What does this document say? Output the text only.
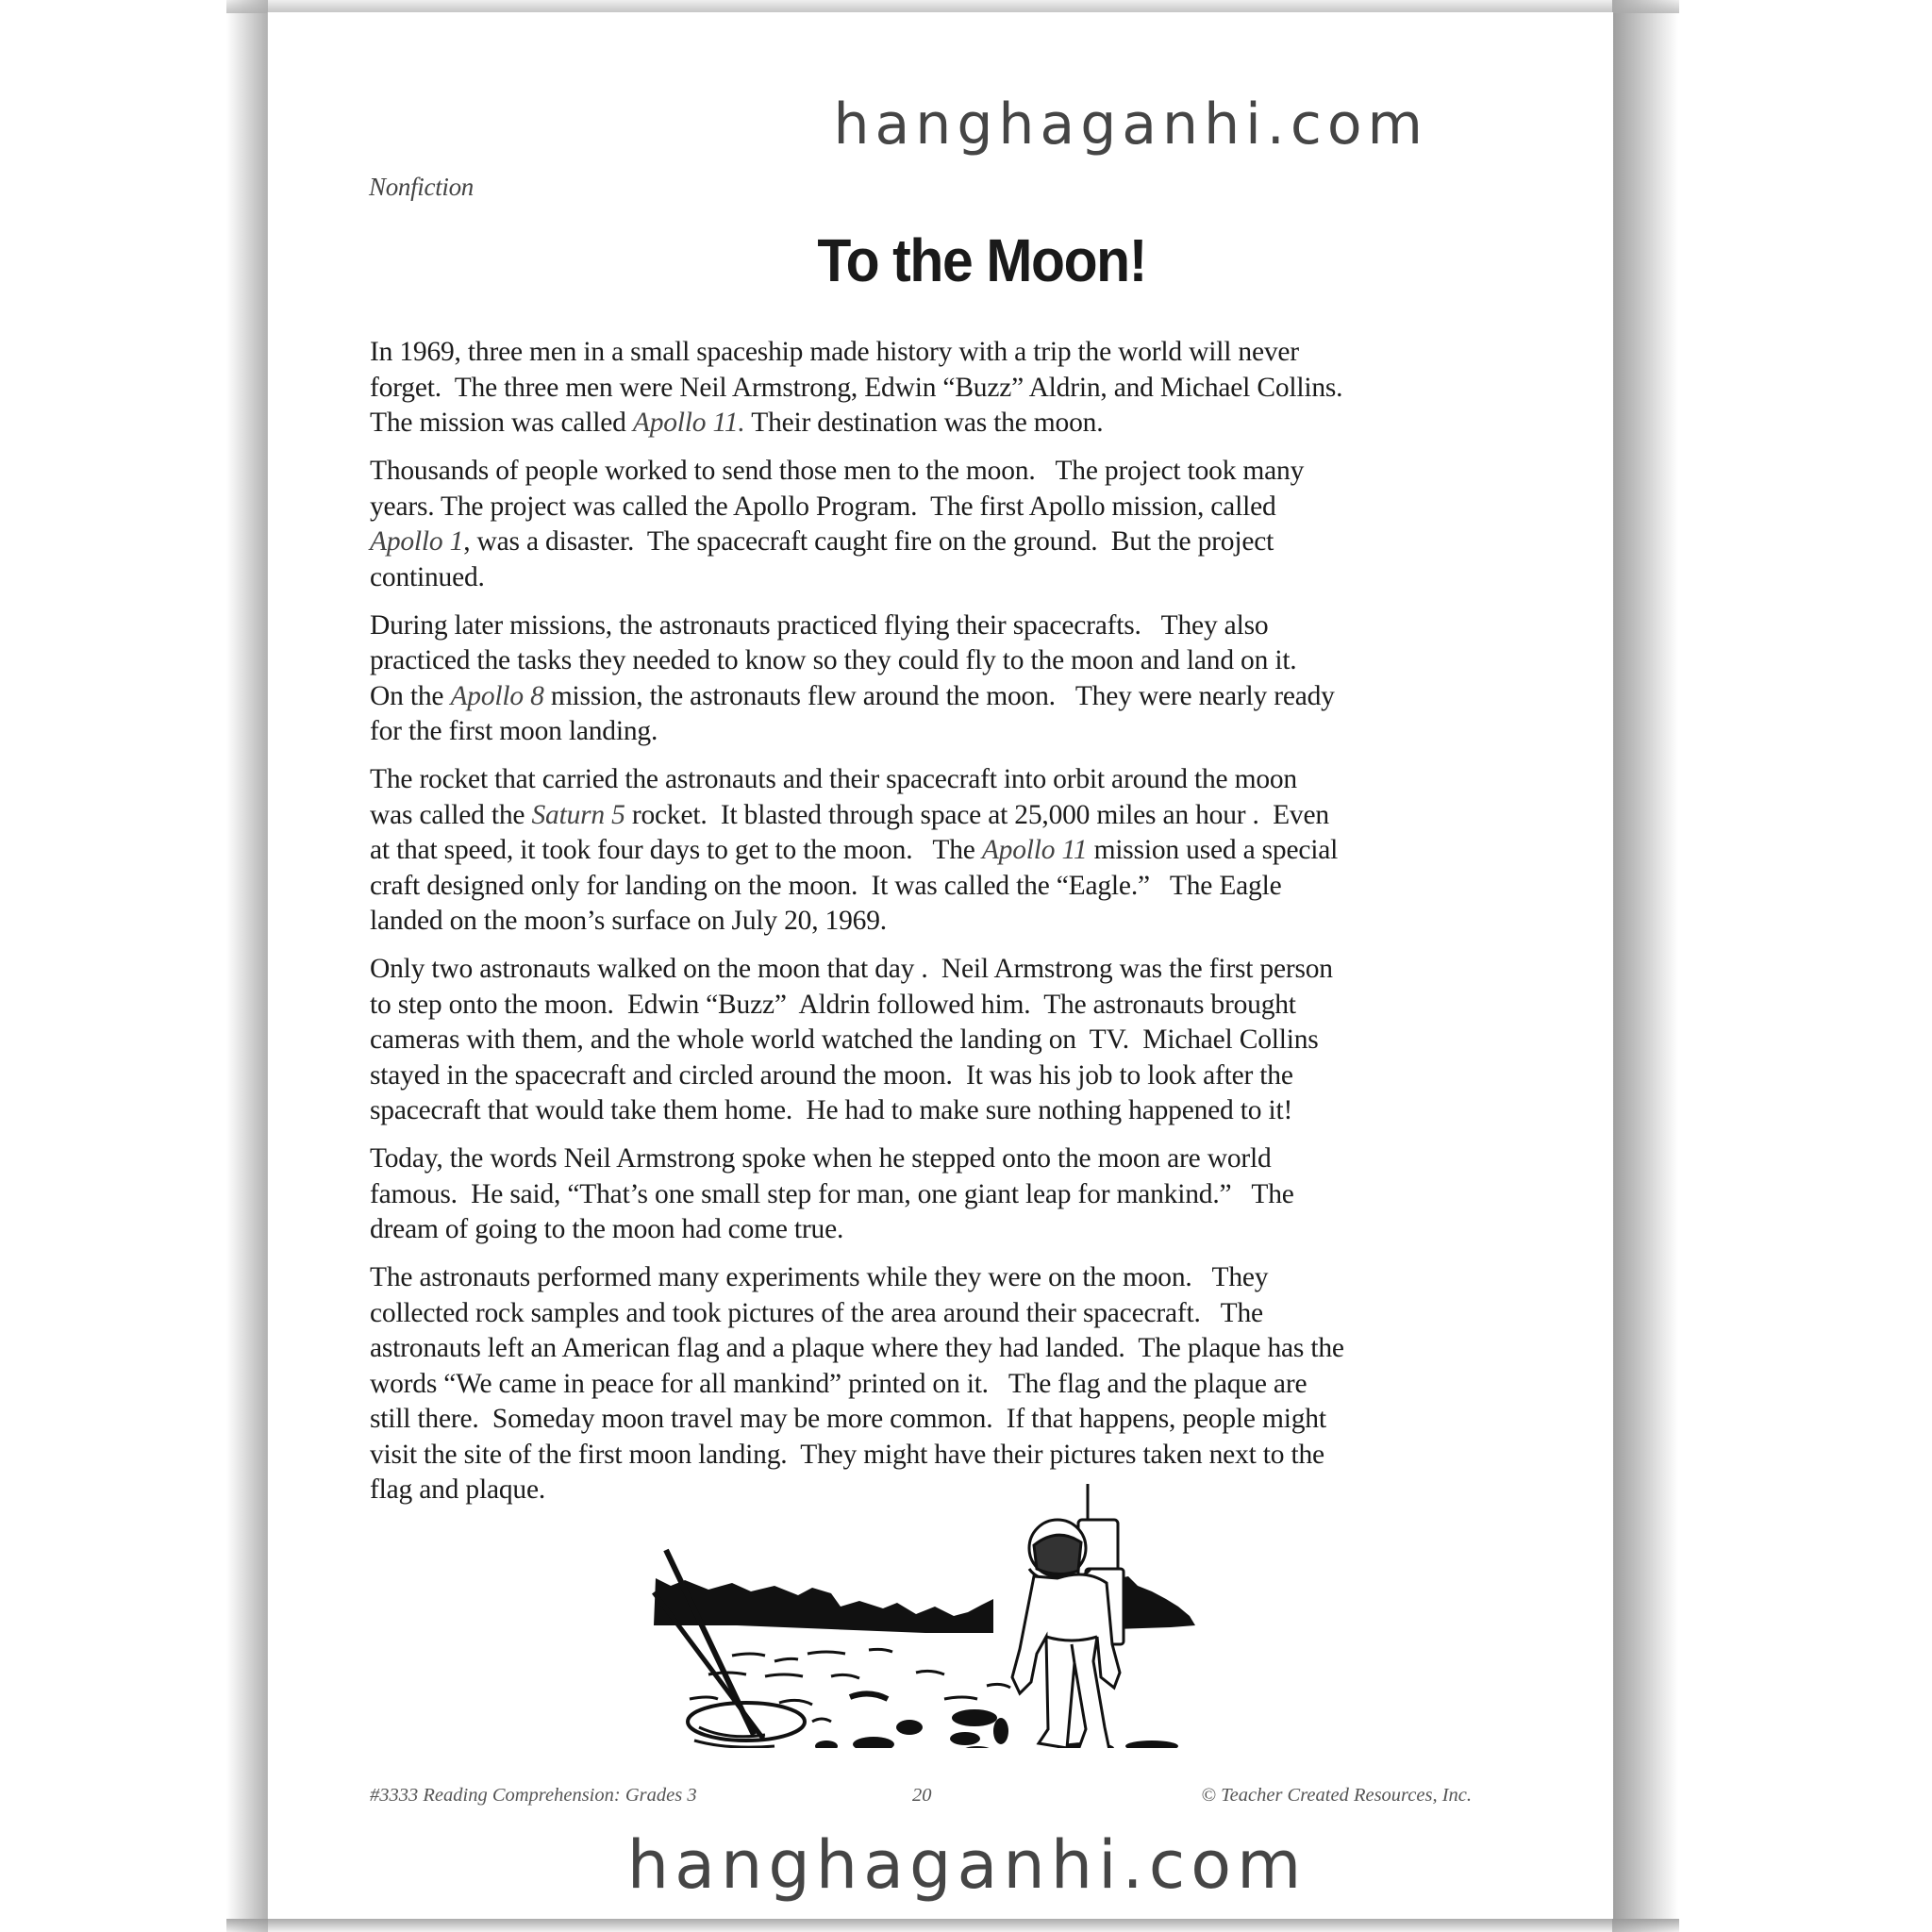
hanghaganhi.com
Nonfiction
To the Moon!

In 1969, three men in a small spaceship made history with a trip the world will never
forget.  The three men were Neil Armstrong, Edwin “Buzz” Aldrin, and Michael Collins.
The mission was called Apollo 11. Their destination was the moon.

Thousands of people worked to send those men to the moon.   The project took many
years. The project was called the Apollo Program.  The first Apollo mission, called
Apollo 1, was a disaster.  The spacecraft caught fire on the ground.  But the project
continued.

During later missions, the astronauts practiced flying their spacecrafts.   They also
practiced the tasks they needed to know so they could fly to the moon and land on it.
On the Apollo 8 mission, the astronauts flew around the moon.   They were nearly ready
for the first moon landing.

The rocket that carried the astronauts and their spacecraft into orbit around the moon
was called the Saturn 5 rocket.  It blasted through space at 25,000 miles an hour .  Even
at that speed, it took four days to get to the moon.   The Apollo 11 mission used a special
craft designed only for landing on the moon.  It was called the “Eagle.”   The Eagle
landed on the moon’s surface on July 20, 1969.

Only two astronauts walked on the moon that day .  Neil Armstrong was the first person
to step onto the moon.  Edwin “Buzz”  Aldrin followed him.  The astronauts brought
cameras with them, and the whole world watched the landing on  TV.  Michael Collins
stayed in the spacecraft and circled around the moon.  It was his job to look after the
spacecraft that would take them home.  He had to make sure nothing happened to it!

Today, the words Neil Armstrong spoke when he stepped onto the moon are world
famous.  He said, “That’s one small step for man, one giant leap for mankind.”   The
dream of going to the moon had come true.

The astronauts performed many experiments while they were on the moon.   They
collected rock samples and took pictures of the area around their spacecraft.   The
astronauts left an American flag and a plaque where they had landed.  The plaque has the
words “We came in peace for all mankind” printed on it.   The flag and the plaque are
still there.  Someday moon travel may be more common.  If that happens, people might
visit the site of the first moon landing.  They might have their pictures taken next to the
flag and plaque.

#3333 Reading Comprehension: Grades 3	20	© Teacher Created Resources, Inc.
hanghaganhi.com
